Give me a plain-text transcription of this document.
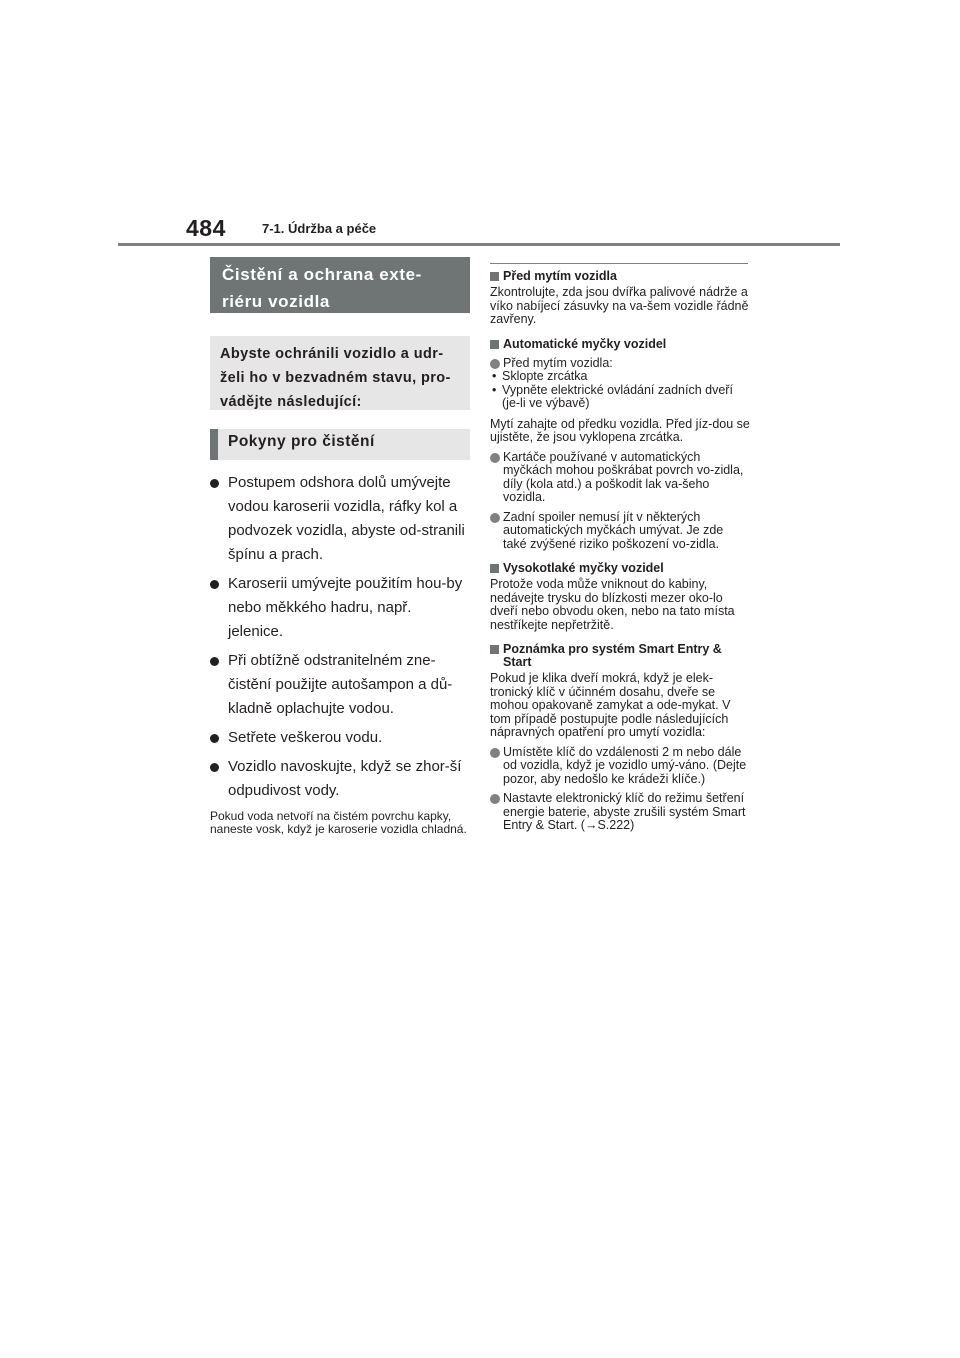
484	7-1. Údržba a péče
Čistění a ochrana exte-riéru vozidla
Abyste ochránili vozidlo a udr-želi ho v bezvadném stavu, pro-vádějte následující:
Pokyny pro čistění
Postupem odshora dolů umývejte vodou karoserii vozidla, ráfky kol a podvozek vozidla, abyste od-stranili špínu a prach.
Karoserii umývejte použitím hou-by nebo měkkého hadru, např. jelenice.
Při obtížně odstranitelném zne-čistění použijte autošampon a dů-kladně oplachujte vodou.
Setřete veškerou vodu.
Vozidlo navoskujte, když se zhor-ší odpudivost vody.
Pokud voda netvoří na čistém povrchu kapky, naneste vosk, když je karoserie vozidla chladná.
Před mytím vozidla
Zkontrolujte, zda jsou dvířka palivové nádrže a víko nabíjecí zásuvky na va-šem vozidle řádně zavřeny.
Automatické myčky vozidel
Před mytím vozidla:
• Sklopte zrcátka
• Vypněte elektrické ovládání zadních dveří (je-li ve výbavě)
Mytí zahajte od předku vozidla. Před jíz-dou se ujistěte, že jsou vyklopena zrcátka.
Kartáče používané v automatických myčkách mohou poškrábat povrch vo-zidla, díly (kola atd.) a poškodit lak va-šeho vozidla.
Zadní spoiler nemusí jít v některých automatických myčkách umývat. Je zde také zvýšené riziko poškození vo-zidla.
Vysokotlaké myčky vozidel
Protože voda může vniknout do kabiny, nedávejte trysku do blízkosti mezer oko-lo dveří nebo obvodu oken, nebo na tato místa nestříkejte nepřetržitě.
Poznámka pro systém Smart Entry & Start
Pokud je klika dveří mokrá, když je elek-tronický klíč v účinném dosahu, dveře se mohou opakovaně zamykat a ode-mykat. V tom případě postupujte podle následujících nápravných opatření pro umytí vozidla:
Umístěte klíč do vzdálenosti 2 m nebo dále od vozidla, když je vozidlo umý-váno. (Dejte pozor, aby nedošlo ke krádeži klíče.)
Nastavte elektronický klíč do režimu šetření energie baterie, abyste zrušili systém Smart Entry & Start. (→S.222)
